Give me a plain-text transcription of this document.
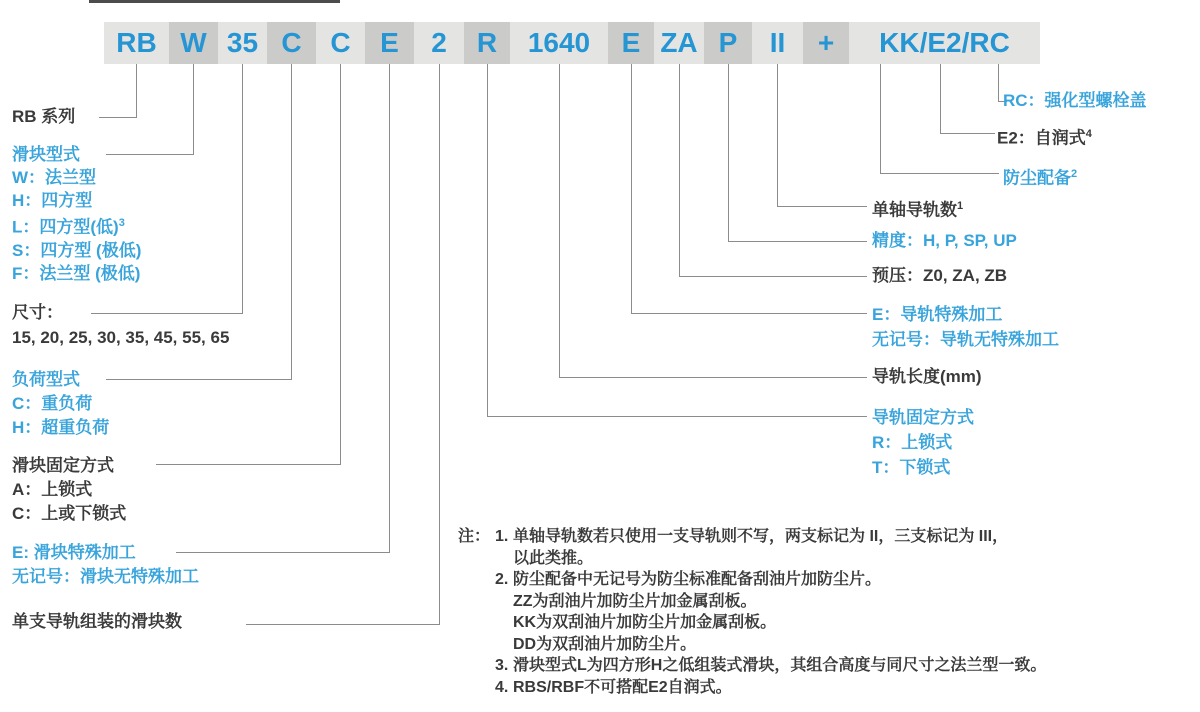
RB W 35 C	C	E	2	R	1640	E ZA P	II	+	KK/E2/RC
RB 系列
滑块型式
W：法兰型
H：四方型
L：四方型(低)$^3$
S：四方型 (极低)
F：法兰型 (极低)
尺寸：
15, 20, 25, 30, 35, 45, 55, 65
负荷型式
C：重负荷
H：超重负荷
滑块固定方式
A：上锁式
C：上或下锁式
E: 滑块特殊加工
无记号：滑块无特殊加工
单支导轨组装的滑块数
RC：强化型螺栓盖
E2：自润式$^4$
防尘配备$^2$
单轴导轨数$^1$
精度：H, P, SP, UP
预压：Z0, ZA, ZB
E：导轨特殊加工
无记号：导轨无特殊加工
导轨长度(mm)
导轨固定方式
R：上锁式
T：下锁式
注： 1. 单轴导轨数若只使用一支导轨则不写，两支标记为 II，三支标记为 III，
以此类推。
2. 防尘配备中无记号为防尘标准配备刮油片加防尘片。
ZZ为刮油片加防尘片加金属刮板。
KK为双刮油片加防尘片加金属刮板。
DD为双刮油片加防尘片。
3. 滑块型式L为四方形H之低组装式滑块，其组合高度与同尺寸之法兰型一致。
4. RBS/RBF不可搭配E2自润式。
